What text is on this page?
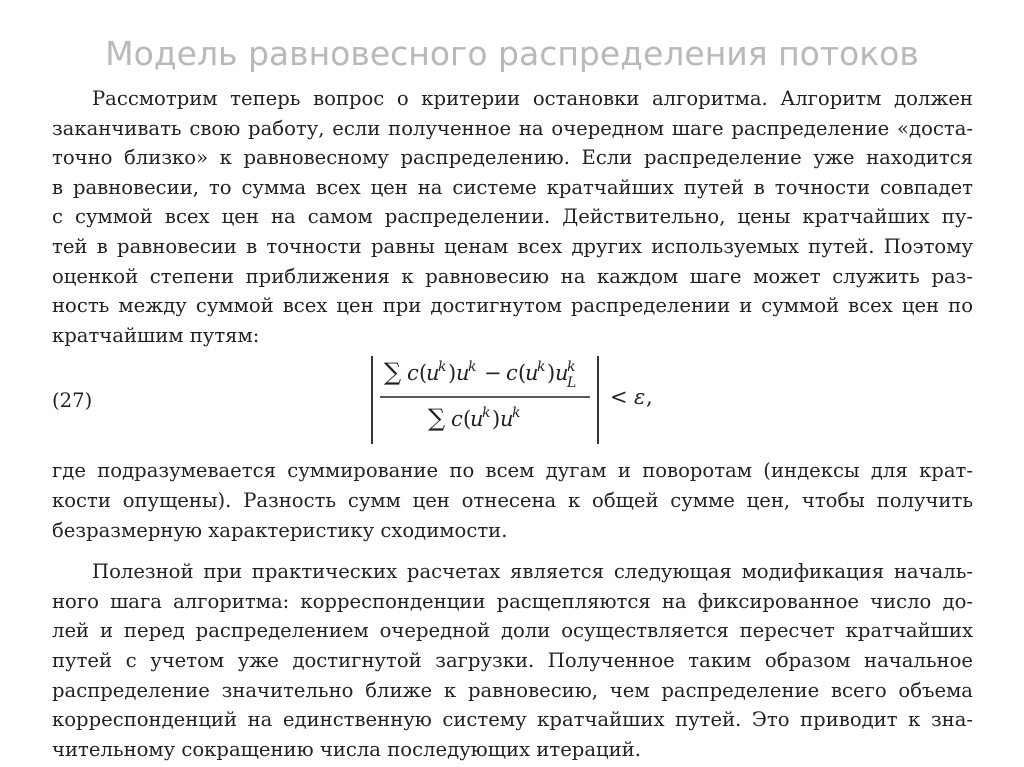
Модель равновесного распределения потоков
Рассмотрим теперь вопрос о критерии остановки алгоритма. Алгоритм должен
заканчивать свою работу, если полученное на очередном шаге распределение «доста-
точно близко» к равновесному распределению. Если распределение уже находится
в равновесии, то сумма всех цен на системе кратчайших путей в точности совпадет
с суммой всех цен на самом распределении. Действительно, цены кратчайших пу-
тей в равновесии в точности равны ценам всех других используемых путей. Поэтому
оценкой степени приближения к равновесию на каждом шаге может служить раз-
ность между суммой всех цен при достигнутом распределении и суммой всех цен по
кратчайшим путям:
(27)
∑ c ( u k ) u k − c ( u k ) u k L
∑ c ( u k ) u k
< ε ,
где подразумевается суммирование по всем дугам и поворотам (индексы для крат-
кости опущены). Разность сумм цен отнесена к общей сумме цен, чтобы получить
безразмерную характеристику сходимости.
Полезной при практических расчетах является следующая модификация началь-
ного шага алгоритма: корреспонденции расщепляются на фиксированное число до-
лей и перед распределением очередной доли осуществляется пересчет кратчайших
путей с учетом уже достигнутой загрузки. Полученное таким образом начальное
распределение значительно ближе к равновесию, чем распределение всего объема
корреспонденций на единственную систему кратчайших путей. Это приводит к зна-
чительному сокращению числа последующих итераций.
